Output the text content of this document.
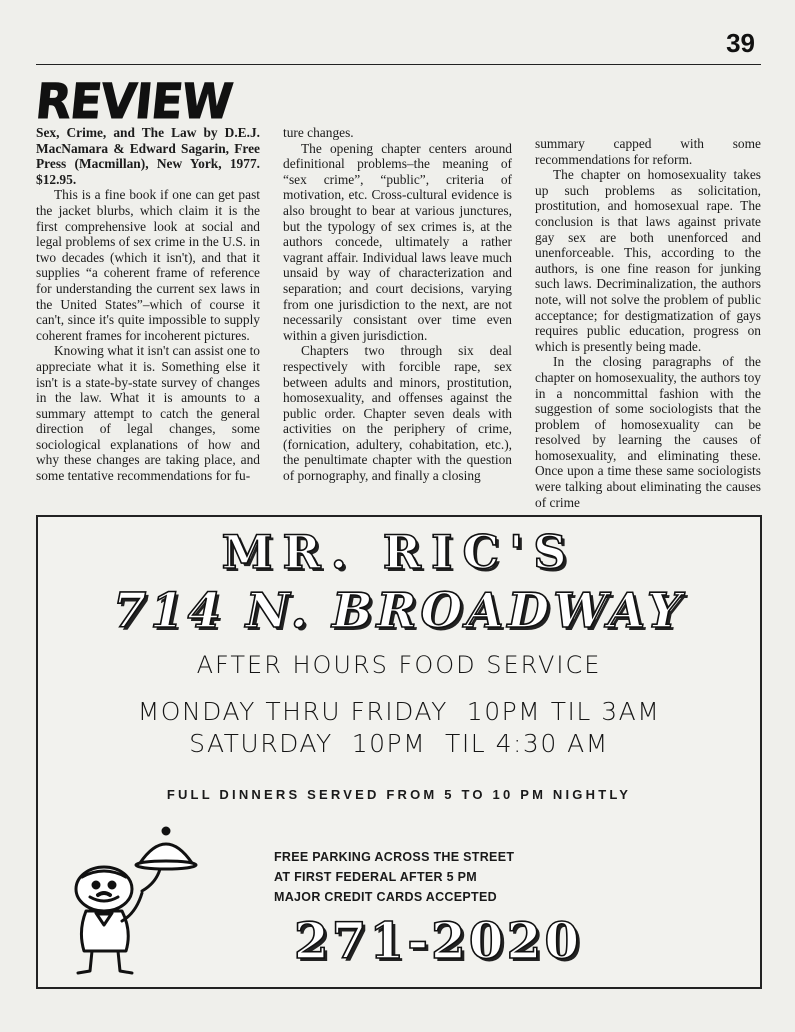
39
REVIEW

Sex, Crime, and The Law by D.E.J. MacNamara & Edward Sagarin, Free Press (Macmillan), New York, 1977. $12.95.

This is a fine book if one can get past the jacket blurbs, which claim it is the first comprehensive look at social and legal problems of sex crime in the U.S. in two decades (which it isn't), and that it supplies “a coherent frame of reference for understanding the current sex laws in the United States”–which of course it can't, since it's quite impossible to supply coherent frames for incoherent pictures.

Knowing what it isn't can assist one to appreciate what it is. Something else it isn't is a state-by-state survey of changes in the law. What it is amounts to a summary attempt to catch the general direction of legal changes, some sociological explanations of how and why these changes are taking place, and some tentative recommendations for fu-

ture changes.

The opening chapter centers around definitional problems–the meaning of “sex crime”, “public”, criteria of motivation, etc. Cross-cultural evidence is also brought to bear at various junctures, but the typology of sex crimes is, at the authors concede, ultimately a rather vagrant affair. Individual laws leave much unsaid by way of characterization and separation; and court decisions, varying from one jurisdiction to the next, are not necessarily consistant over time even within a given jurisdiction.

Chapters two through six deal respectively with forcible rape, sex between adults and minors, prostitution, homosexuality, and offenses against the public order. Chapter seven deals with activities on the periphery of crime, (fornication, adultery, cohabitation, etc.), the penultimate chapter with the question of pornography, and finally a closing

summary capped with some recommendations for reform.

The chapter on homosexuality takes up such problems as solicitation, prostitution, and homosexual rape. The conclusion is that laws against private gay sex are both unenforced and unenforceable. This, according to the authors, is one fine reason for junking such laws. Decriminalization, the authors note, will not solve the problem of public acceptance; for destigmatization of gays requires public education, progress on which is presently being made.

In the closing paragraphs of the chapter on homosexuality, the authors toy in a noncommittal fashion with the suggestion of some sociologists that the problem of homosexuality can be resolved by learning the causes of homosexuality, and eliminating these. Once upon a time these same sociologists were talking about eliminating the causes of crime

MR. RIC'S
714 N. BROADWAY
AFTER HOURS FOOD SERVICE
MONDAY THRU FRIDAY  10PM TIL 3AM
SATURDAY  10PM  TIL 4:30 AM
FULL DINNERS SERVED FROM 5 TO 10 PM NIGHTLY
FREE PARKING ACROSS THE STREET
AT FIRST FEDERAL AFTER 5 PM
MAJOR CREDIT CARDS ACCEPTED
271-2020
